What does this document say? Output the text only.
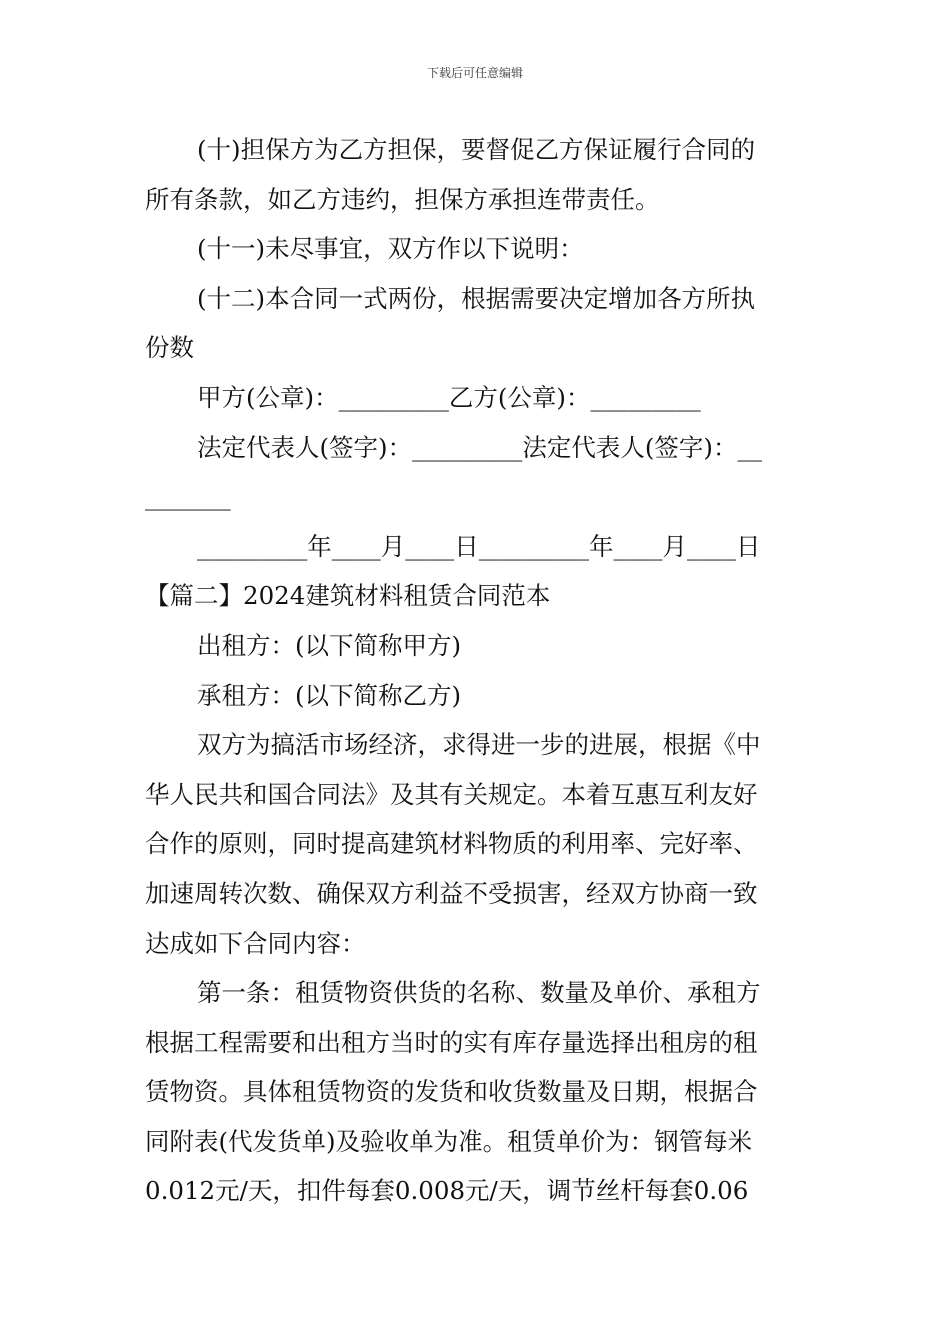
下载后可任意编辑

(十)担保方为乙方担保，要督促乙方保证履行合同的

所有条款，如乙方违约，担保方承担连带责任。

(十一)未尽事宜，双方作以下说明：

(十二)本合同一式两份，根据需要决定增加各方所执

份数

甲方(公章)：_________乙方(公章)：_________

法定代表人(签字)：_________法定代表人(签字)：__

_______

_________年____月____日_________年____月____日

【篇二】2024建筑材料租赁合同范本

出租方：(以下简称甲方)

承租方：(以下简称乙方)

双方为搞活市场经济，求得进一步的进展，根据《中

华人民共和国合同法》及其有关规定。本着互惠互利友好

合作的原则，同时提高建筑材料物质的利用率、完好率、

加速周转次数、确保双方利益不受损害，经双方协商一致

达成如下合同内容：

第一条：租赁物资供货的名称、数量及单价、承租方

根据工程需要和出租方当时的实有库存量选择出租房的租

赁物资。具体租赁物资的发货和收货数量及日期，根据合

同附表(代发货单)及验收单为准。租赁单价为：钢管每米

0.012元/天，扣件每套0.008元/天，调节丝杆每套0.06
